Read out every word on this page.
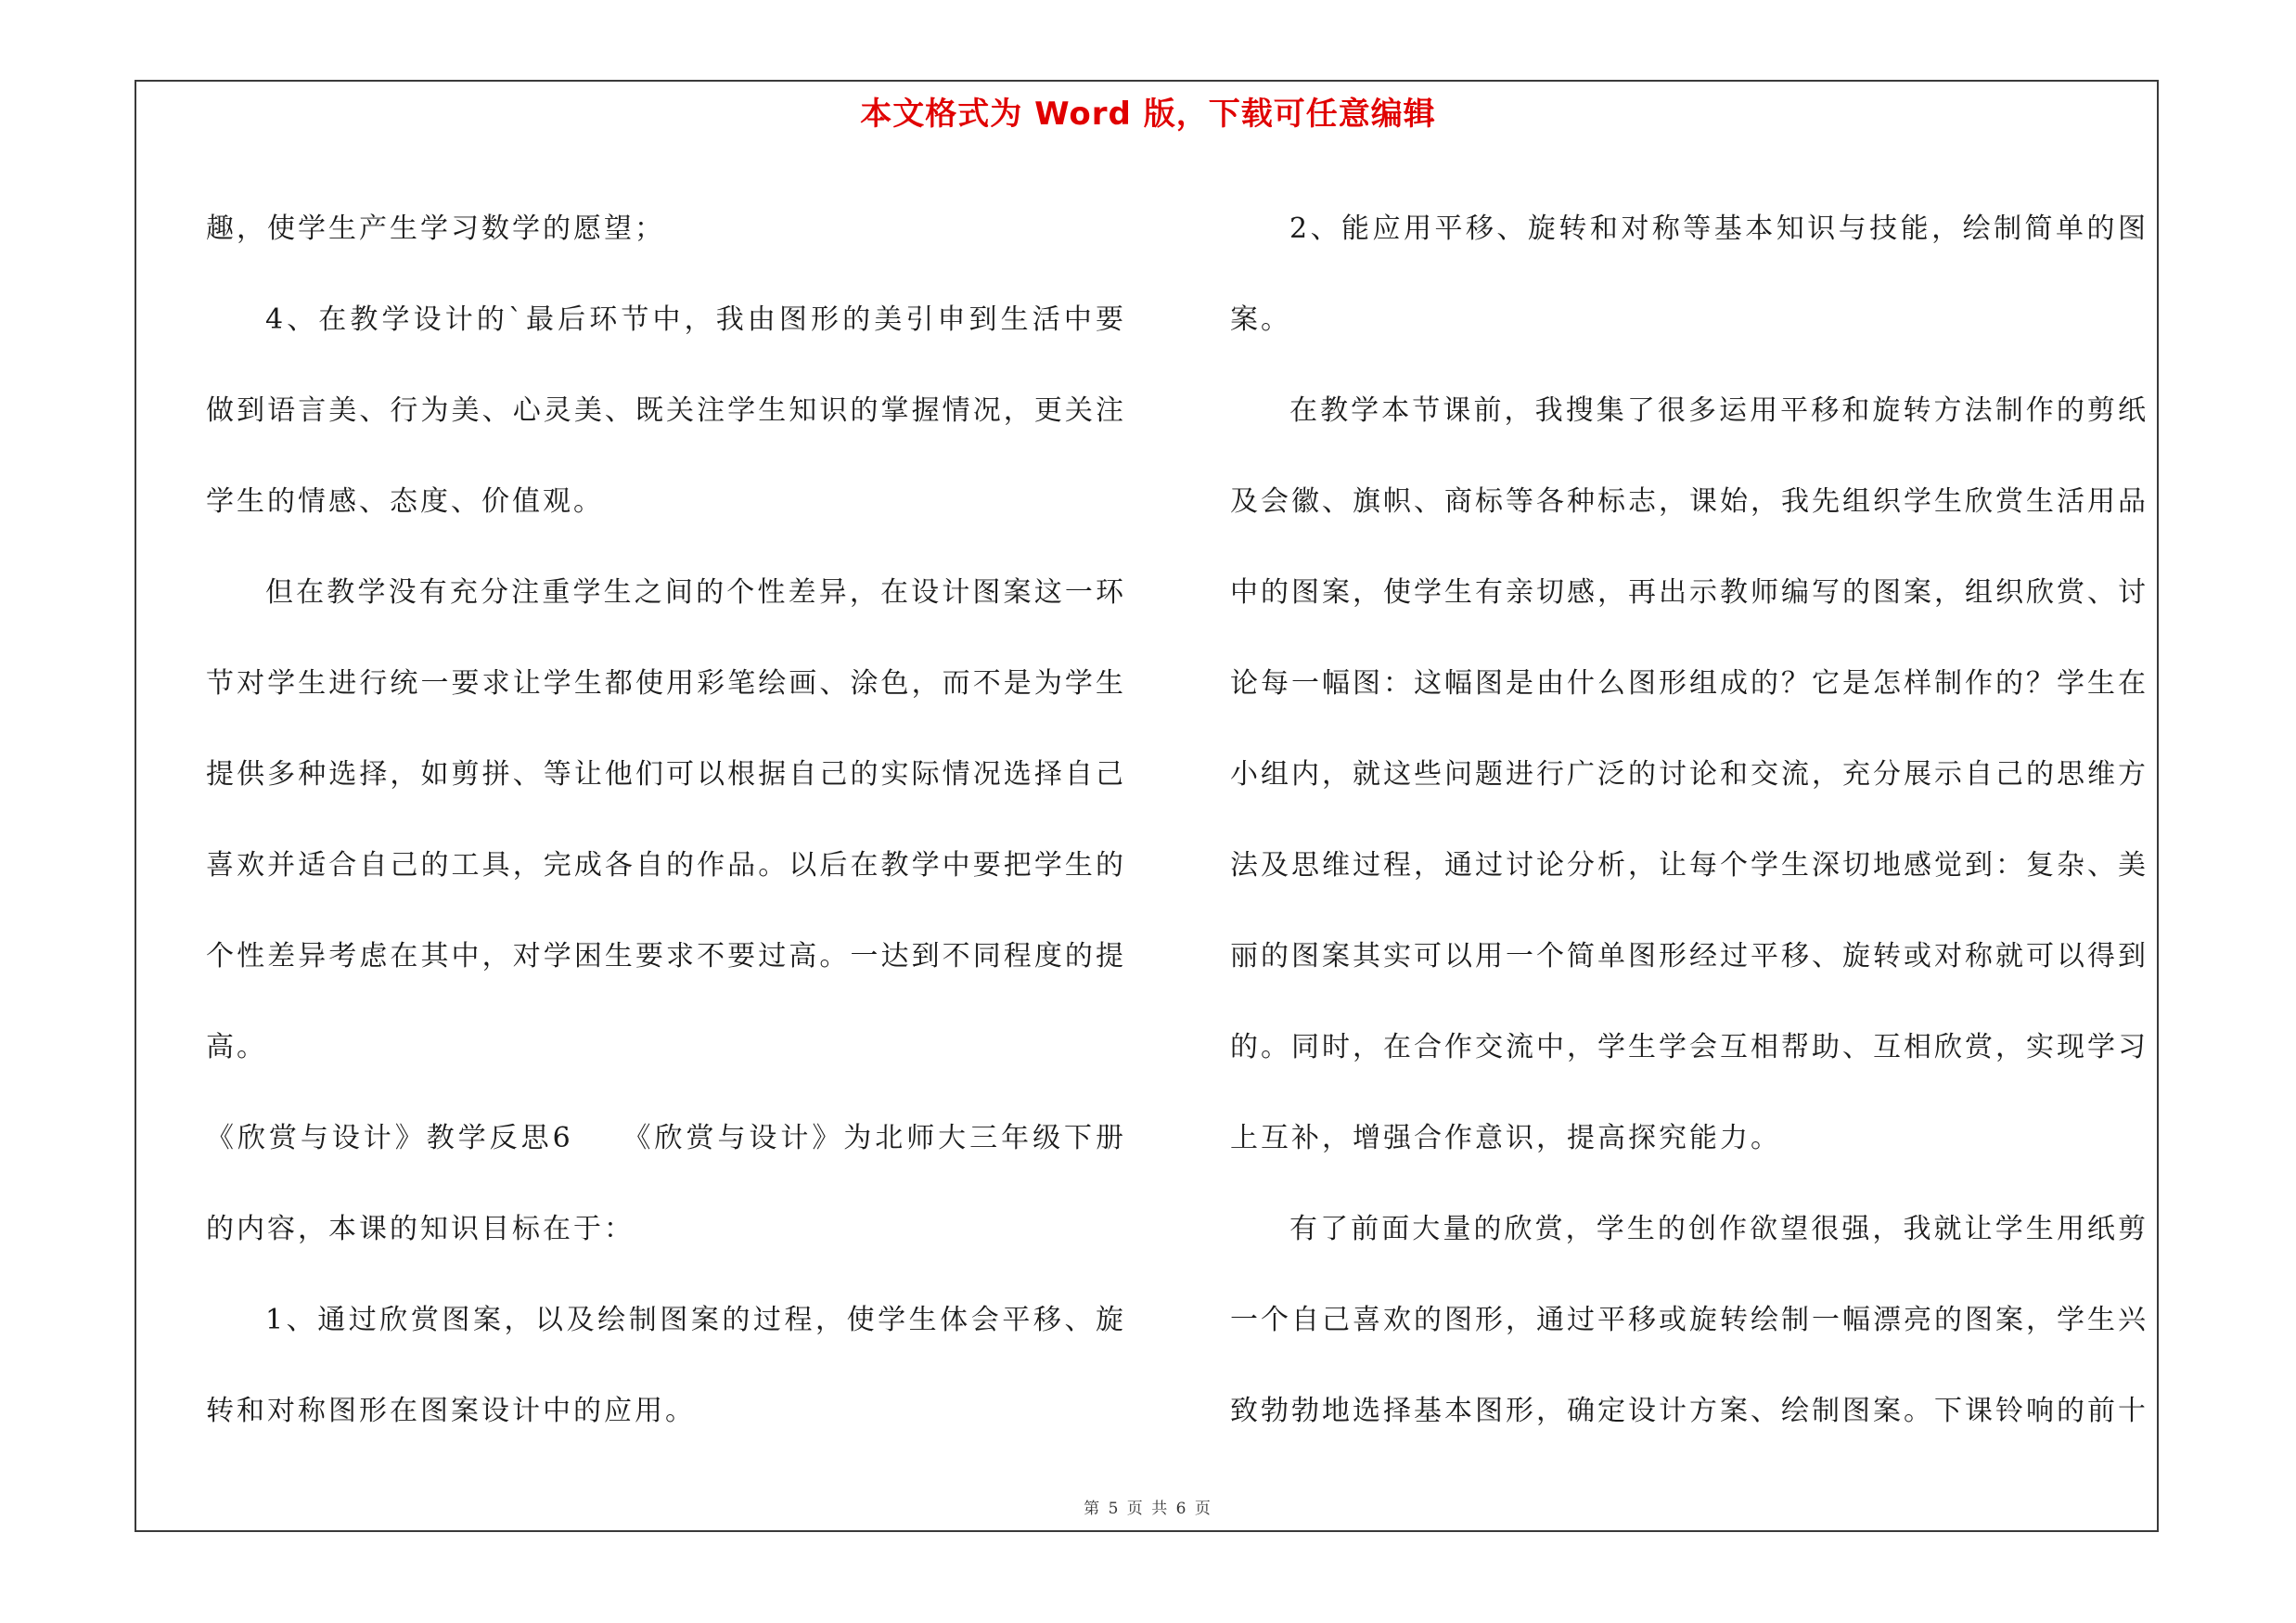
本文格式为 Word 版，下载可任意编辑

趣，使学生产生学习数学的愿望；

4、在教学设计的`最后环节中，我由图形的美引申到生活中要做到语言美、行为美、心灵美、既关注学生知识的掌握情况，更关注学生的情感、态度、价值观。

但在教学没有充分注重学生之间的个性差异，在设计图案这一环节对学生进行统一要求让学生都使用彩笔绘画、涂色，而不是为学生提供多种选择，如剪拼、等让他们可以根据自己的实际情况选择自己喜欢并适合自己的工具，完成各自的作品。以后在教学中要把学生的个性差异考虑在其中，对学困生要求不要过高。一达到不同程度的提高。

《欣赏与设计》教学反思6　　《欣赏与设计》为北师大三年级下册的内容，本课的知识目标在于：

1、通过欣赏图案，以及绘制图案的过程，使学生体会平移、旋转和对称图形在图案设计中的应用。

2、能应用平移、旋转和对称等基本知识与技能，绘制简单的图案。

在教学本节课前，我搜集了很多运用平移和旋转方法制作的剪纸及会徽、旗帜、商标等各种标志，课始，我先组织学生欣赏生活用品中的图案，使学生有亲切感，再出示教师编写的图案，组织欣赏、讨论每一幅图：这幅图是由什么图形组成的？它是怎样制作的？学生在小组内，就这些问题进行广泛的讨论和交流，充分展示自己的思维方法及思维过程，通过讨论分析，让每个学生深切地感觉到：复杂、美丽的图案其实可以用一个简单图形经过平移、旋转或对称就可以得到的。同时，在合作交流中，学生学会互相帮助、互相欣赏，实现学习上互补，增强合作意识，提高探究能力。

有了前面大量的欣赏，学生的创作欲望很强，我就让学生用纸剪一个自己喜欢的图形，通过平移或旋转绘制一幅漂亮的图案，学生兴致勃勃地选择基本图形，确定设计方案、绘制图案。下课铃响的前十

第 5 页 共 6 页
